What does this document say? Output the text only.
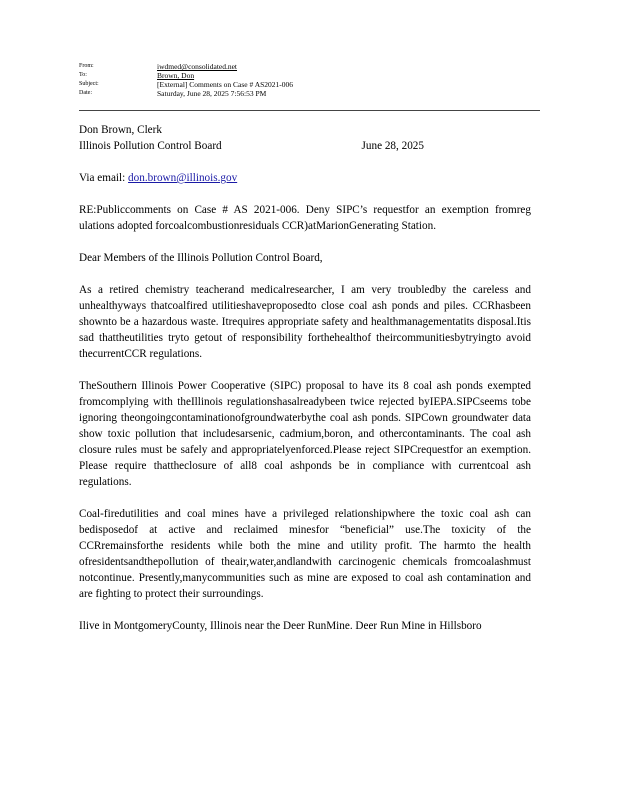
From:	iwdmed@consolidated.net
To:	Brown, Don
Subject:	[External] Comments on Case # AS2021-006
Date:	Saturday, June 28, 2025 7:56:53 PM

Don Brown, Clerk

Illinois Pollution Control Board	June 28, 2025

Via email: don.brown@illinois.gov

RE:Publiccomments on Case # AS 2021-006. Deny SIPC’s requestfor an exemption fromreg ulations adopted forcoalcombustionresiduals CCR)atMarionGenerating Station.

Dear Members of the Illinois Pollution Control Board,

As a retired chemistry teacherand medicalresearcher, I am very troubledby the careless and unhealthyways thatcoalfired utilitieshaveproposedto close coal ash ponds and piles. CCRhasbeen shownto be a hazardous waste. Itrequires appropriate safety and healthmanagementatits disposal.Itis sad thattheutilities tryto getout of responsibility forthehealthof theircommunitiesbytryingto avoid thecurrentCCR regulations.

TheSouthern Illinois Power Cooperative (SIPC) proposal to have its 8 coal ash ponds exempted fromcomplying with theIllinois regulationshasalreadybeen twice rejected byIEPA.SIPCseems tobe ignoring theongoingcontaminationofgroundwaterbythe coal ash ponds. SIPCown groundwater data show toxic pollution that includesarsenic, cadmium,boron, and othercontaminants. The coal ash closure rules must be safely and appropriatelyenforced.Please reject SIPCrequestfor an exemption. Please require thattheclosure of all8 coal ashponds be in compliance with currentcoal ash regulations.

Coal-firedutilities and coal mines have a privileged relationshipwhere the toxic coal ash can bedisposedof at active and reclaimed minesfor “beneficial” use.The toxicity of the CCRremainsforthe residents while both the mine and utility profit. The harmto the health ofresidentsandthepollution of theair,water,andlandwith carcinogenic chemicals fromcoalashmust notcontinue. Presently,manycommunities such as mine are exposed to coal ash contamination and are fighting to protect their surroundings.

Ilive in MontgomeryCounty, Illinois near the Deer RunMine. Deer Run Mine in Hillsboro
